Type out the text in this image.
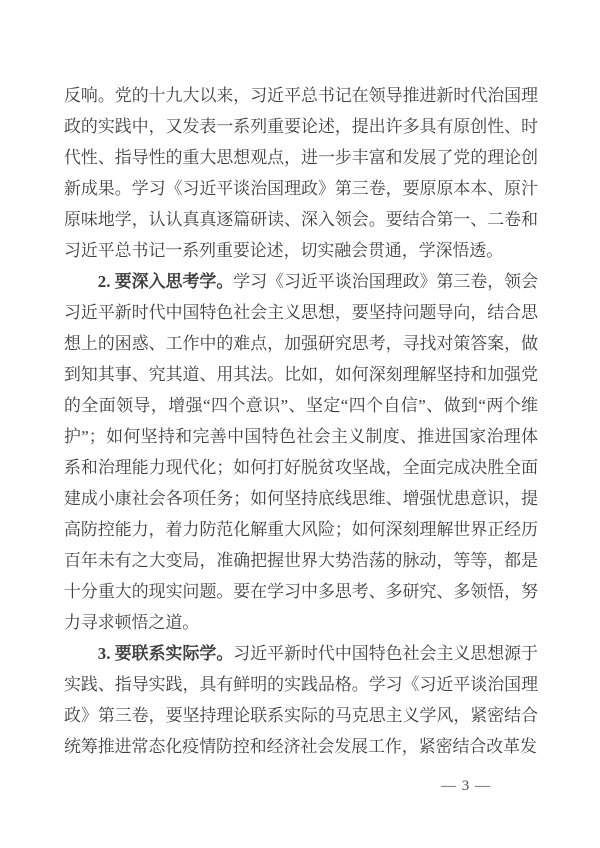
反响。党的十九大以来，习近平总书记在领导推进新时代治国理政的实践中，又发表一系列重要论述，提出许多具有原创性、时代性、指导性的重大思想观点，进一步丰富和发展了党的理论创新成果。学习《习近平谈治国理政》第三卷，要原原本本、原汁原味地学，认认真真逐篇研读、深入领会。要结合第一、二卷和习近平总书记一系列重要论述，切实融会贯通，学深悟透。

2. 要深入思考学。学习《习近平谈治国理政》第三卷，领会习近平新时代中国特色社会主义思想，要坚持问题导向，结合思想上的困惑、工作中的难点，加强研究思考，寻找对策答案，做到知其事、究其道、用其法。比如，如何深刻理解坚持和加强党的全面领导，增强“四个意识”、坚定“四个自信”、做到“两个维护”；如何坚持和完善中国特色社会主义制度、推进国家治理体系和治理能力现代化；如何打好脱贫攻坚战，全面完成决胜全面建成小康社会各项任务；如何坚持底线思维、增强忧患意识，提高防控能力，着力防范化解重大风险；如何深刻理解世界正经历百年未有之大变局，准确把握世界大势浩荡的脉动，等等，都是十分重大的现实问题。要在学习中多思考、多研究、多领悟，努力寻求顿悟之道。

3. 要联系实际学。习近平新时代中国特色社会主义思想源于实践、指导实践，具有鲜明的实践品格。学习《习近平谈治国理政》第三卷，要坚持理论联系实际的马克思主义学风，紧密结合统筹推进常态化疫情防控和经济社会发展工作，紧密结合改革发

— 3 —
